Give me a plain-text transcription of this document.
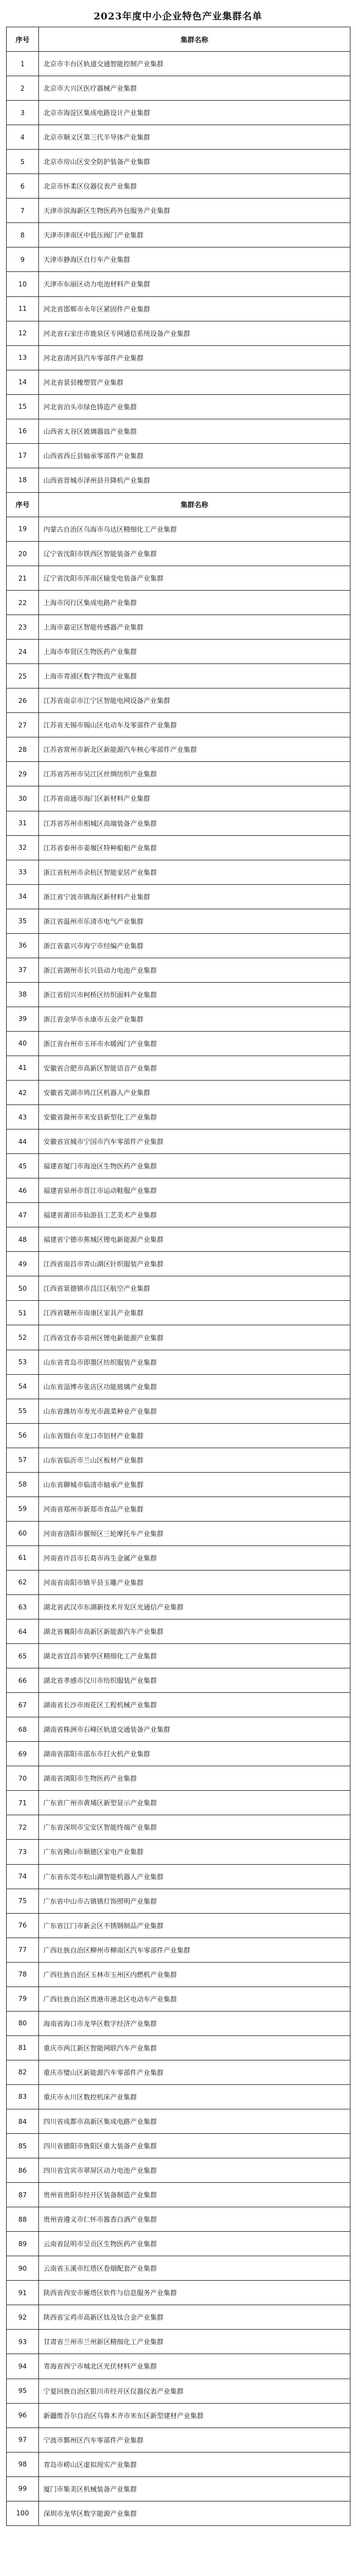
2023年度中小企业特色产业集群名单
序号	集群名称
1	北京市丰台区轨道交通智能控制产业集群
2	北京市大兴区医疗器械产业集群
3	北京市海淀区集成电路设计产业集群
4	北京市顺义区第三代半导体产业集群
5	北京市房山区安全防护装备产业集群
6	北京市怀柔区仪器仪表产业集群
7	天津市滨海新区生物医药外包服务产业集群
8	天津市津南区中低压阀门产业集群
9	天津市静海区自行车产业集群
10	天津市东丽区动力电池材料产业集群
11	河北省邯郸市永年区紧固件产业集群
12	河北省石家庄市鹿泉区专网通信系统设备产业集群
13	河北省清河县汽车零部件产业集群
14	河北省景县橡塑管产业集群
15	河北省泊头市绿色铸造产业集群
16	山西省太谷区玻璃器皿产业集群
17	山西省西丘县轴承零部件产业集群
18	山西省晋城市泽州县升降机产业集群
序号	集群名称
19	内蒙古自治区乌海市乌达区精细化工产业集群
20	辽宁省沈阳市铁西区智能装备产业集群
21	辽宁省沈阳市浑南区输变电装备产业集群
22	上海市闵行区集成电路产业集群
23	上海市嘉定区智能传感器产业集群
24	上海市奉贤区生物医药产业集群
25	上海市青浦区数字物流产业集群
26	江苏省南京市江宁区智能电网设备产业集群
27	江苏省无锡市锡山区电动车及零部件产业集群
28	江苏省常州市新北区新能源汽车核心零部件产业集群
29	江苏省苏州市吴江区丝绸纺织产业集群
30	江苏省南通市海门区新材料产业集群
31	江苏省苏州市相城区高端装备产业集群
32	江苏省泰州市姜堰区特种船舶产业集群
33	浙江省杭州市余杭区智能家居产业集群
34	浙江省宁波市镇海区新材料产业集群
35	浙江省温州市乐清市电气产业集群
36	浙江省嘉兴市海宁市经编产业集群
37	浙江省湖州市长兴县动力电池产业集群
38	浙江省绍兴市柯桥区纺织面料产业集群
39	浙江省金华市永康市五金产业集群
40	浙江省台州市玉环市水暖阀门产业集群
41	安徽省合肥市高新区智能语音产业集群
42	安徽省芜湖市鸠江区机器人产业集群
43	安徽省滁州市来安县新型化工产业集群
44	安徽省宣城市宁国市汽车零部件产业集群
45	福建省厦门市海沧区生物医药产业集群
46	福建省泉州市晋江市运动鞋服产业集群
47	福建省莆田市仙游县工艺美术产业集群
48	福建省宁德市蕉城区锂电新能源产业集群
49	江西省南昌市青山湖区针织服装产业集群
50	江西省景德镇市昌江区航空产业集群
51	江西省赣州市南康区家具产业集群
52	江西省宜春市袁州区锂电新能源产业集群
53	山东省青岛市即墨区纺织服装产业集群
54	山东省淄博市张店区功能玻璃产业集群
55	山东省潍坊市寿光市蔬菜种业产业集群
56	山东省烟台市龙口市铝材产业集群
57	山东省临沂市兰山区板材产业集群
58	山东省聊城市临清市轴承产业集群
59	河南省郑州市新郑市食品产业集群
60	河南省洛阳市偃师区三轮摩托车产业集群
61	河南省许昌市长葛市再生金属产业集群
62	河南省南阳市镇平县玉雕产业集群
63	湖北省武汉市东湖新技术开发区光通信产业集群
64	湖北省襄阳市高新区新能源汽车产业集群
65	湖北省宜昌市猇亭区精细化工产业集群
66	湖北省孝感市汉川市纺织服装产业集群
67	湖南省长沙市雨花区工程机械产业集群
68	湖南省株洲市石峰区轨道交通装备产业集群
69	湖南省邵阳市邵东市打火机产业集群
70	湖南省浏阳市生物医药产业集群
71	广东省广州市黄埔区新型显示产业集群
72	广东省深圳市宝安区智能终端产业集群
73	广东省佛山市顺德区家电产业集群
74	广东省东莞市松山湖智能机器人产业集群
75	广东省中山市古镇镇灯饰照明产业集群
76	广东省江门市新会区不锈钢制品产业集群
77	广西壮族自治区柳州市柳南区汽车零部件产业集群
78	广西壮族自治区玉林市玉州区内燃机产业集群
79	广西壮族自治区贵港市港北区电动车产业集群
80	海南省海口市龙华区数字经济产业集群
81	重庆市两江新区智能网联汽车产业集群
82	重庆市璧山区新能源汽车零部件产业集群
83	重庆市永川区数控机床产业集群
84	四川省成都市高新区集成电路产业集群
85	四川省德阳市旌阳区重大装备产业集群
86	四川省宜宾市翠屏区动力电池产业集群
87	贵州省贵阳市经开区装备制造产业集群
88	贵州省遵义市仁怀市酱香白酒产业集群
89	云南省昆明市呈贡区生物医药产业集群
90	云南省玉溪市红塔区卷烟配套产业集群
91	陕西省西安市雁塔区软件与信息服务产业集群
92	陕西省宝鸡市高新区钛及钛合金产业集群
93	甘肃省兰州市兰州新区精细化工产业集群
94	青海省西宁市城北区光伏材料产业集群
95	宁夏回族自治区银川市经开区仪器仪表产业集群
96	新疆维吾尔自治区乌鲁木齐市米东区新型建材产业集群
97	宁波市鄞州区汽车零部件产业集群
98	青岛市崂山区虚拟现实产业集群
99	厦门市集美区机械装备产业集群
100	深圳市龙华区数字能源产业集群
